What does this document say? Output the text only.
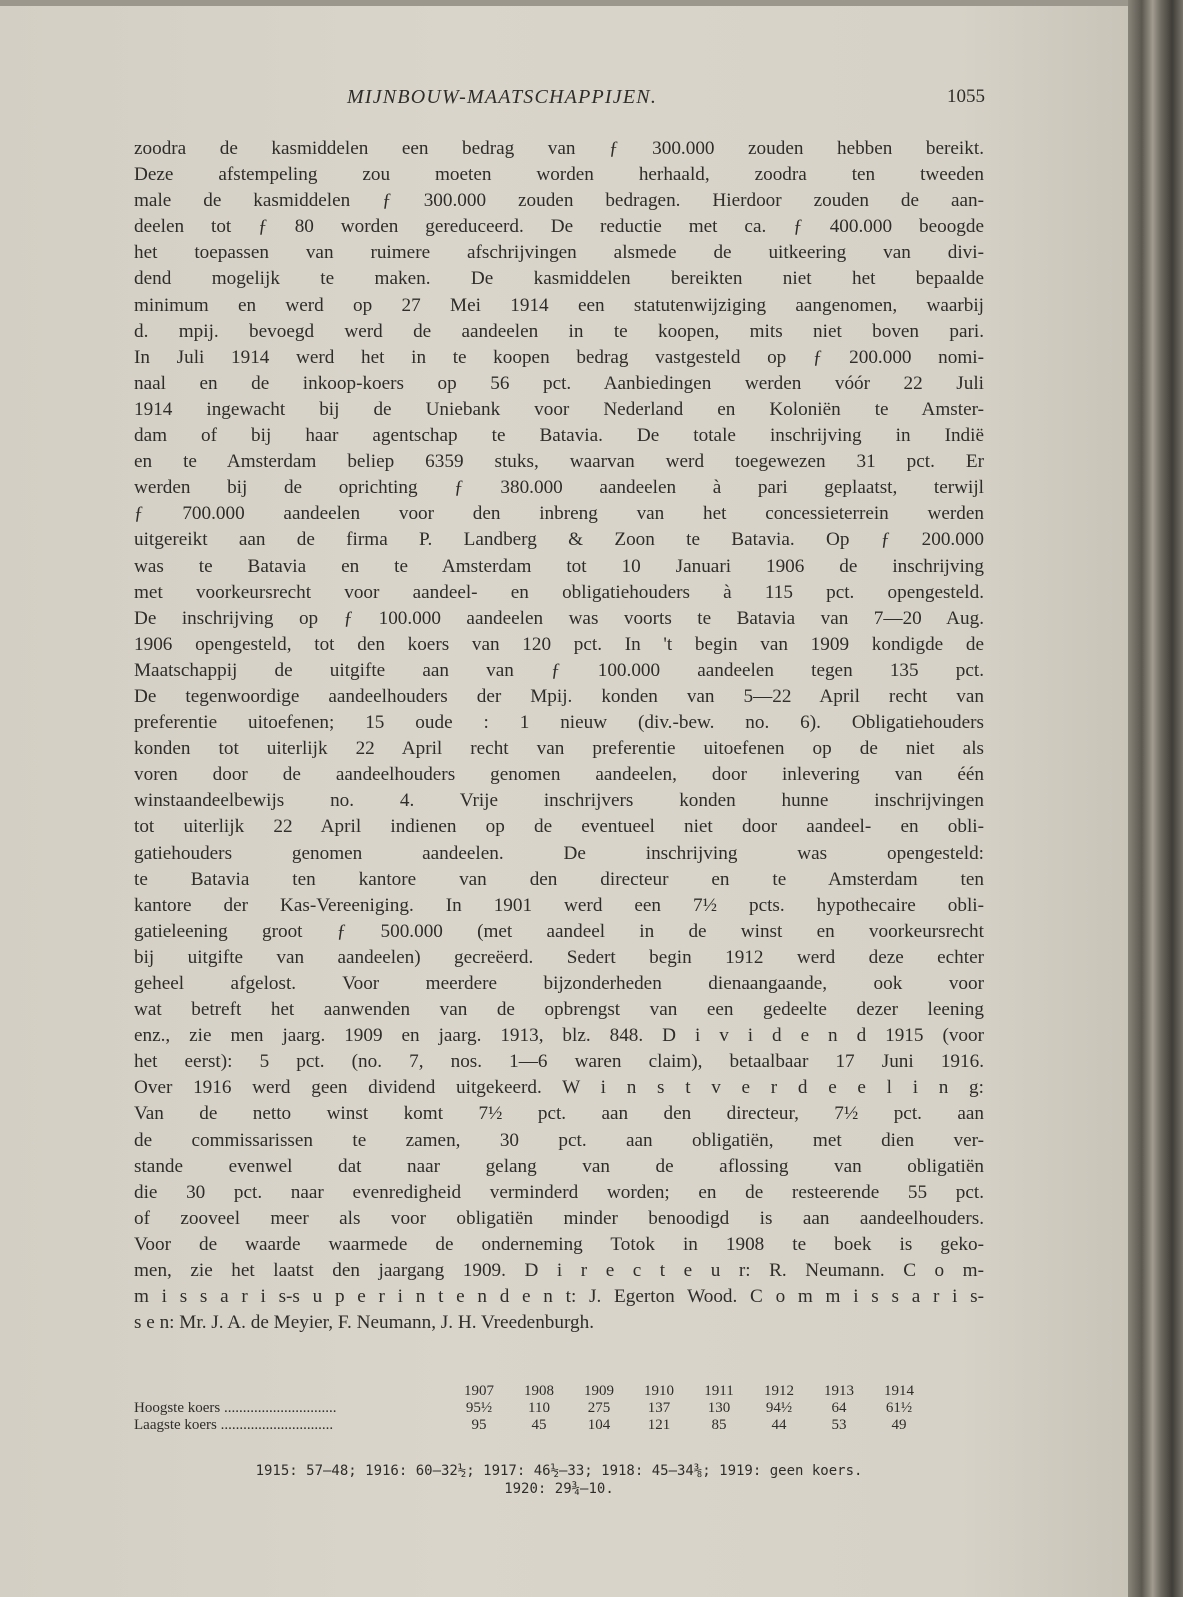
MIJNBOUW-MAATSCHAPPIJEN.	1055
zoodra de kasmiddelen een bedrag van ƒ 300.000 zouden hebben bereikt.
Deze afstempeling zou moeten worden herhaald, zoodra ten tweeden
male de kasmiddelen ƒ 300.000 zouden bedragen. Hierdoor zouden de aan-
deelen tot ƒ 80 worden gereduceerd. De reductie met ca. ƒ 400.000 beoogde
het toepassen van ruimere afschrijvingen alsmede de uitkeering van divi-
dend mogelijk te maken. De kasmiddelen bereikten niet het bepaalde
minimum en werd op 27 Mei 1914 een statutenwijziging aangenomen, waarbij
d. mpij. bevoegd werd de aandeelen in te koopen, mits niet boven pari.
In Juli 1914 werd het in te koopen bedrag vastgesteld op ƒ 200.000 nomi-
naal en de inkoop-koers op 56 pct. Aanbiedingen werden vóór 22 Juli
1914 ingewacht bij de Uniebank voor Nederland en Koloniën te Amster-
dam of bij haar agentschap te Batavia. De totale inschrijving in Indië
en te Amsterdam beliep 6359 stuks, waarvan werd toegewezen 31 pct. Er
werden bij de oprichting ƒ 380.000 aandeelen à pari geplaatst, terwijl
ƒ 700.000 aandeelen voor den inbreng van het concessieterrein werden
uitgereikt aan de firma P. Landberg & Zoon te Batavia. Op ƒ 200.000
was te Batavia en te Amsterdam tot 10 Januari 1906 de inschrijving
met voorkeursrecht voor aandeel- en obligatiehouders à 115 pct. opengesteld.
De inschrijving op ƒ 100.000 aandeelen was voorts te Batavia van 7—20 Aug.
1906 opengesteld, tot den koers van 120 pct. In 't begin van 1909 kondigde de
Maatschappij de uitgifte aan van ƒ 100.000 aandeelen tegen 135 pct.
De tegenwoordige aandeelhouders der Mpij. konden van 5—22 April recht van
preferentie uitoefenen; 15 oude : 1 nieuw (div.-bew. no. 6). Obligatiehouders
konden tot uiterlijk 22 April recht van preferentie uitoefenen op de niet als
voren door de aandeelhouders genomen aandeelen, door inlevering van één
winstaandeelbewijs no. 4. Vrije inschrijvers konden hunne inschrijvingen
tot uiterlijk 22 April indienen op de eventueel niet door aandeel- en obli-
gatiehouders genomen aandeelen. De inschrijving was opengesteld:
te Batavia ten kantore van den directeur en te Amsterdam ten
kantore der Kas-Vereeniging. In 1901 werd een 7½ pcts. hypothecaire obli-
gatieleening groot ƒ 500.000 (met aandeel in de winst en voorkeursrecht
bij uitgifte van aandeelen) gecreëerd. Sedert begin 1912 werd deze echter
geheel afgelost. Voor meerdere bijzonderheden dienaangaande, ook voor
wat betreft het aanwenden van de opbrengst van een gedeelte dezer leening
enz., zie men jaarg. 1909 en jaarg. 1913, blz. 848. D i v i d e n d 1915 (voor
het eerst): 5 pct. (no. 7, nos. 1—6 waren claim), betaalbaar 17 Juni 1916.
Over 1916 werd geen dividend uitgekeerd. W i n s t v e r d e e l i n g:
Van de netto winst komt 7½ pct. aan den directeur, 7½ pct. aan
de commissarissen te zamen, 30 pct. aan obligatiën, met dien ver-
stande evenwel dat naar gelang van de aflossing van obligatiën
die 30 pct. naar evenredigheid verminderd worden; en de resteerende 55 pct.
of zooveel meer als voor obligatiën minder benoodigd is aan aandeelhouders.
Voor de waarde waarmede de onderneming Totok in 1908 te boek is geko-
men, zie het laatst den jaargang 1909. D i r e c t e u r: R. Neumann. C o m-
m i s s a r i s-s u p e r i n t e n d e n t: J. Egerton Wood. C o m m i s s a r i s-
s e n: Mr. J. A. de Meyier, F. Neumann, J. H. Vreedenburgh.
1907	1908	1909	1910	1911	1912	1913	1914
Hoogste koers ..............................	95½	110	275	137	130	94½	64	61½
Laagste koers ..............................	95	45	104	121	85	44	53	49
1915: 57—48; 1916: 60—32½; 1917: 46½—33; 1918: 45—34⅜; 1919: geen koers.
1920: 29¾—10.
